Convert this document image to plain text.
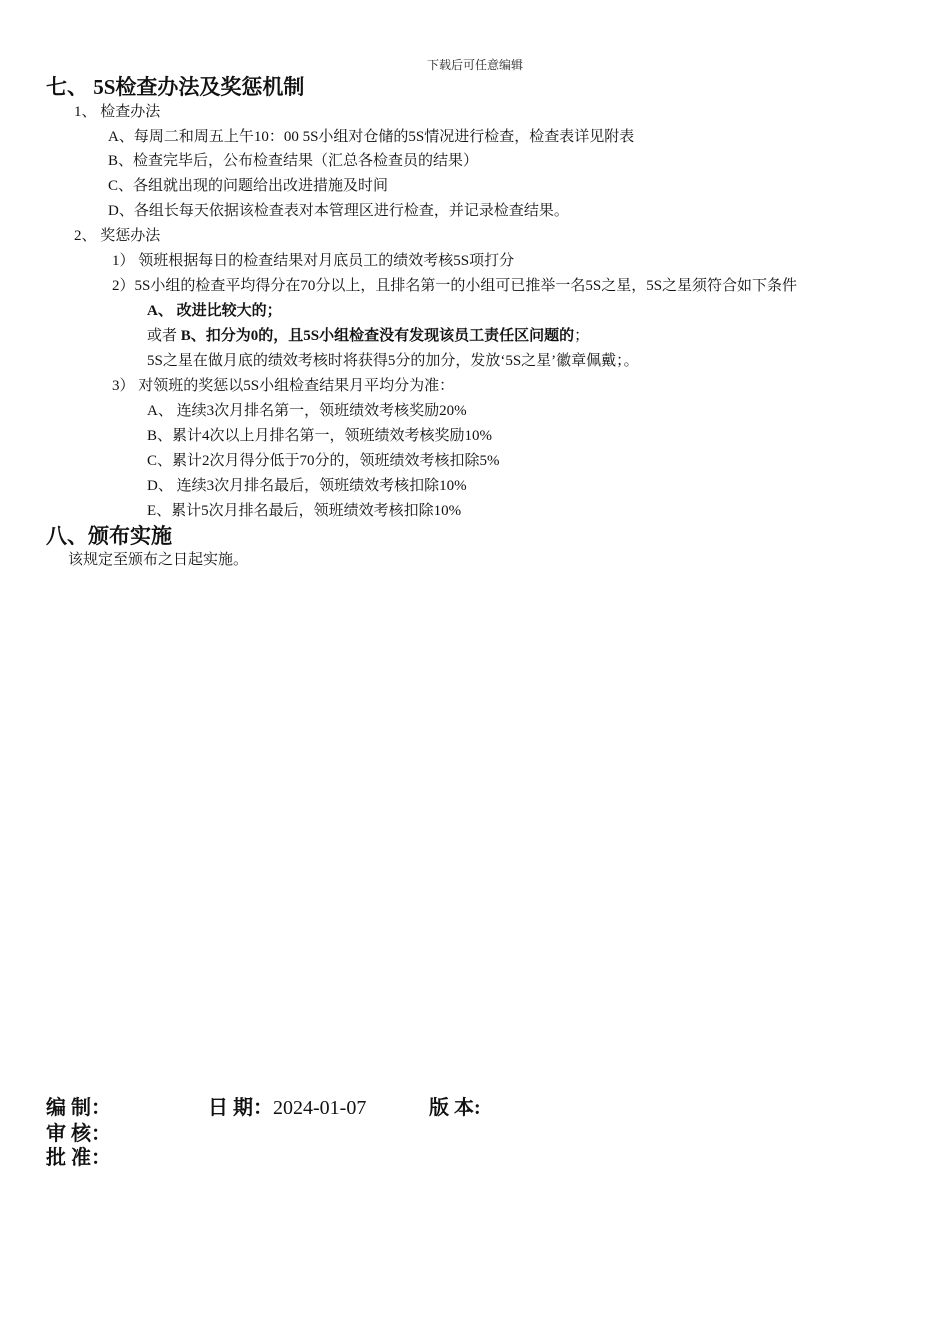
下载后可任意编辑
七、 5S检查办法及奖惩机制
1、 检查办法
A、每周二和周五上午10：00 5S小组对仓储的5S情况进行检查，检查表详见附表
B、检查完毕后，公布检查结果（汇总各检查员的结果）
C、各组就出现的问题给出改进措施及时间
D、各组长每天依据该检查表对本管理区进行检查，并记录检查结果。
2、 奖惩办法
1） 领班根据每日的检查结果对月底员工的绩效考核5S项打分
2）5S小组的检查平均得分在70分以上，且排名第一的小组可已推举一名5S之星，5S之星须符合如下条件
A、 改进比较大的；
或者 B、扣分为0的，且5S小组检查没有发现该员工责任区问题的；
5S之星在做月底的绩效考核时将获得5分的加分，发放‘5S之星’徽章佩戴；。
3） 对领班的奖惩以5S小组检查结果月平均分为准：
A、 连续3次月排名第一，领班绩效考核奖励20%
B、累计4次以上月排名第一，领班绩效考核奖励10%
C、累计2次月得分低于70分的，领班绩效考核扣除5%
D、 连续3次月排名最后，领班绩效考核扣除10%
E、累计5次月排名最后，领班绩效考核扣除10%
八、颁布实施
该规定至颁布之日起实施。
编 制：	日 期：2024-01-07	版 本:
审 核：
批 准：
